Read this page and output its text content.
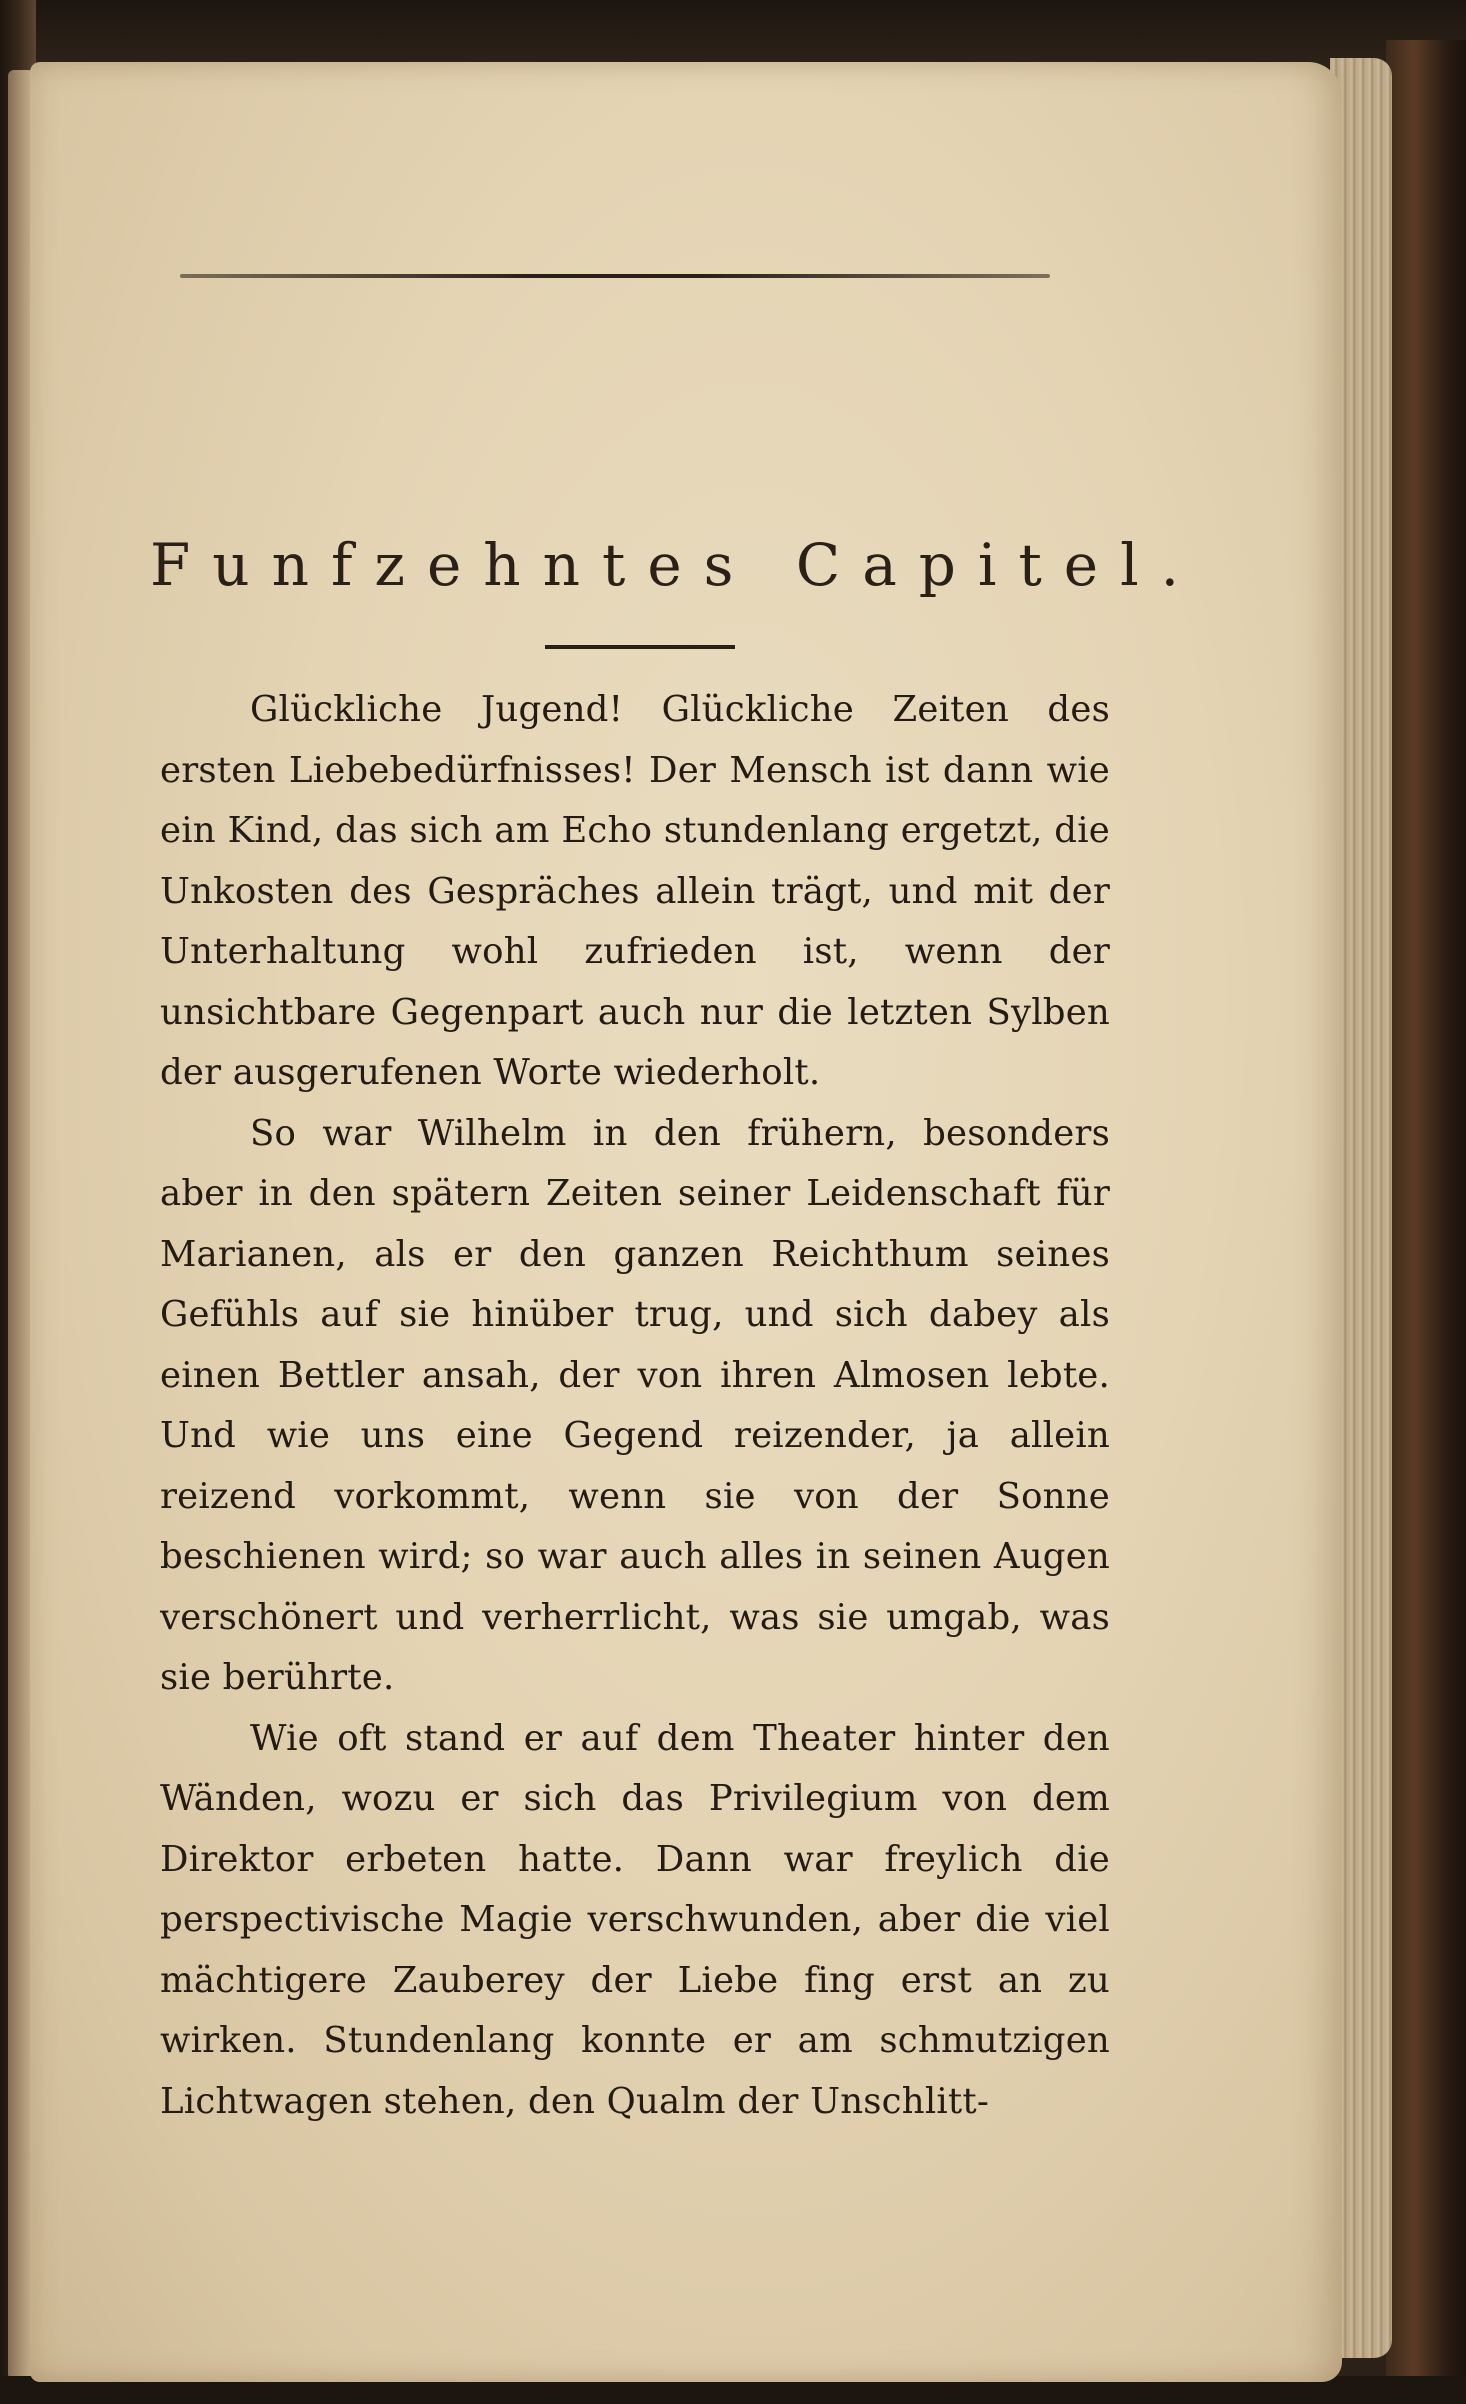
Funfzehntes Capitel.

Glückliche Jugend! Glückliche Zeiten des ersten Liebebedürfnisses! Der Mensch ist dann wie ein Kind, das sich am Echo stundenlang ergetzt, die Unkosten des Gespräches allein trägt, und mit der Unterhaltung wohl zufrieden ist, wenn der unsichtbare Gegenpart auch nur die letzten Sylben der ausgerufenen Worte wiederholt.

So war Wilhelm in den frühern, besonders aber in den spätern Zeiten seiner Leidenschaft für Marianen, als er den ganzen Reichthum seines Gefühls auf sie hinüber trug, und sich dabey als einen Bettler ansah, der von ihren Almosen lebte. Und wie uns eine Gegend reizender, ja allein reizend vorkommt, wenn sie von der Sonne beschienen wird; so war auch alles in seinen Augen verschönert und verherrlicht, was sie umgab, was sie berührte.

Wie oft stand er auf dem Theater hinter den Wänden, wozu er sich das Privilegium von dem Direktor erbeten hatte. Dann war freylich die perspectivische Magie verschwunden, aber die viel mächtigere Zauberey der Liebe fing erst an zu wirken. Stundenlang konnte er am schmutzigen Lichtwagen stehen, den Qualm der Unschlitt-
